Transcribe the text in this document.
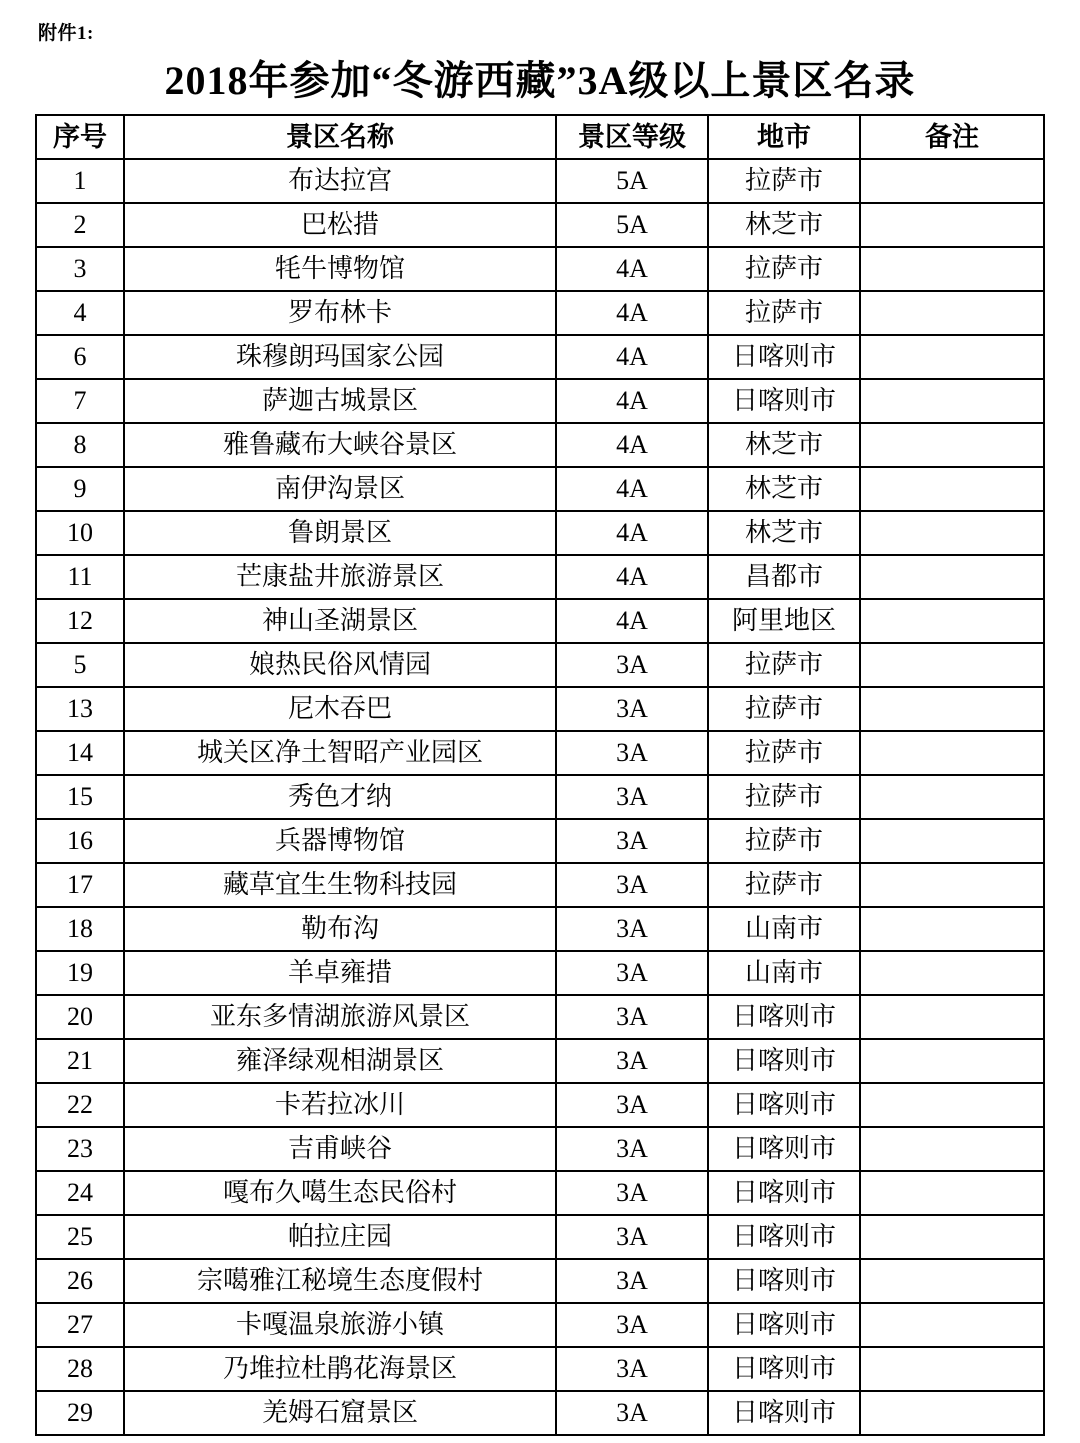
附件1:
2018年参加“冬游西藏”3A级以上景区名录
序号	景区名称	景区等级	地市	备注
1	布达拉宫	5A	拉萨市	
2	巴松措	5A	林芝市	
3	牦牛博物馆	4A	拉萨市	
4	罗布林卡	4A	拉萨市	
6	珠穆朗玛国家公园	4A	日喀则市	
7	萨迦古城景区	4A	日喀则市	
8	雅鲁藏布大峡谷景区	4A	林芝市	
9	南伊沟景区	4A	林芝市	
10	鲁朗景区	4A	林芝市	
11	芒康盐井旅游景区	4A	昌都市	
12	神山圣湖景区	4A	阿里地区	
5	娘热民俗风情园	3A	拉萨市	
13	尼木吞巴	3A	拉萨市	
14	城关区净土智昭产业园区	3A	拉萨市	
15	秀色才纳	3A	拉萨市	
16	兵器博物馆	3A	拉萨市	
17	藏草宜生生物科技园	3A	拉萨市	
18	勒布沟	3A	山南市	
19	羊卓雍措	3A	山南市	
20	亚东多情湖旅游风景区	3A	日喀则市	
21	雍泽绿观相湖景区	3A	日喀则市	
22	卡若拉冰川	3A	日喀则市	
23	吉甫峡谷	3A	日喀则市	
24	嘎布久噶生态民俗村	3A	日喀则市	
25	帕拉庄园	3A	日喀则市	
26	宗噶雅江秘境生态度假村	3A	日喀则市	
27	卡嘎温泉旅游小镇	3A	日喀则市	
28	乃堆拉杜鹃花海景区	3A	日喀则市	
29	羌姆石窟景区	3A	日喀则市	
